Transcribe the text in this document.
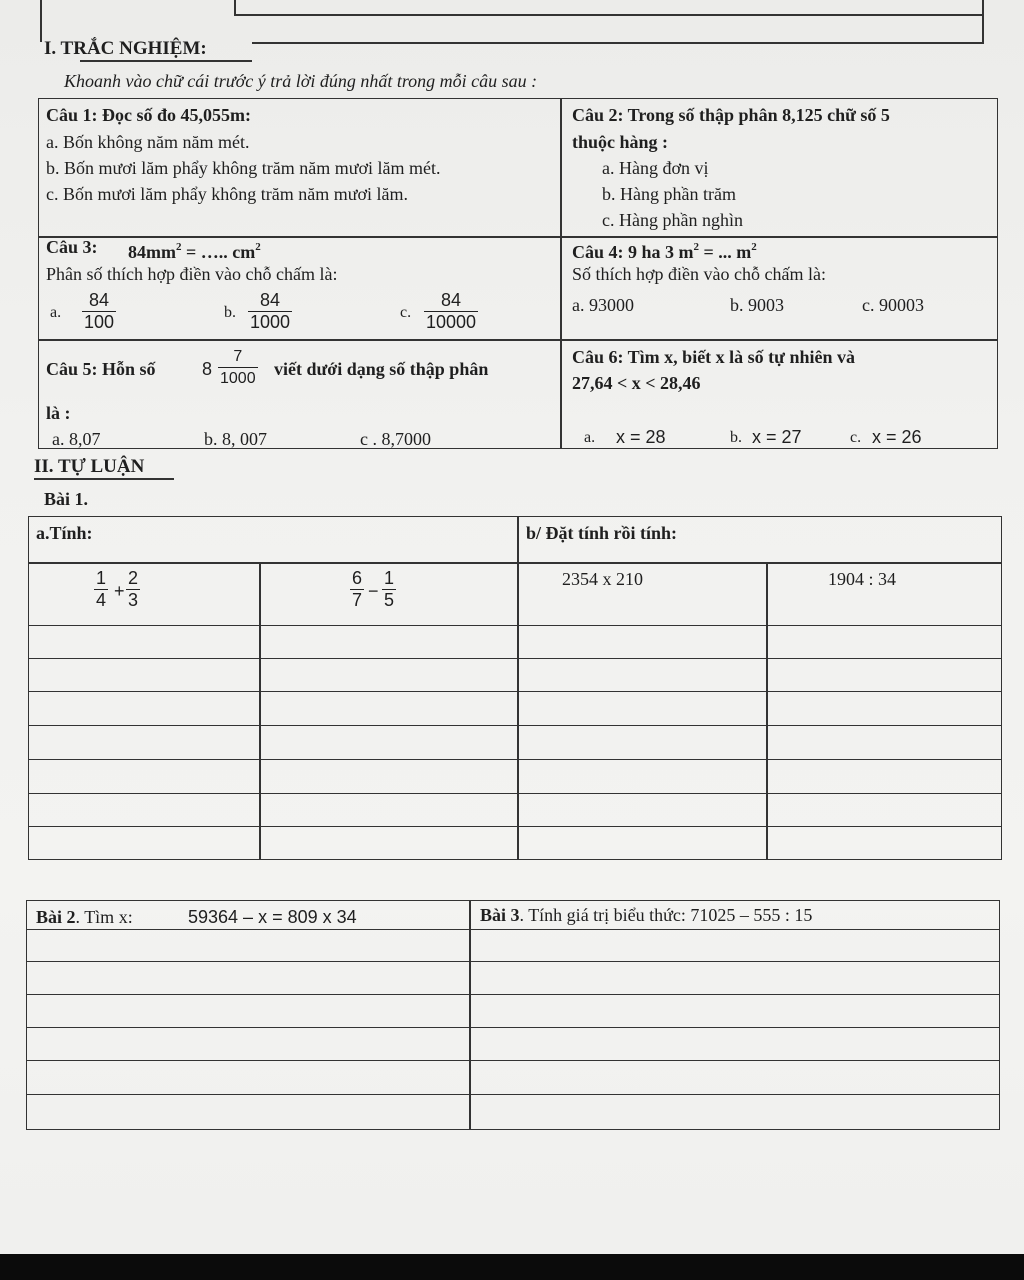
I. TRẮC NGHIỆM:
Khoanh vào chữ cái trước ý trả lời đúng nhất trong mỗi câu sau :
Câu 1: Đọc số đo 45,055m:
a. Bốn không năm năm mét.
b. Bốn mươi lăm phẩy không trăm năm mươi lăm mét.
c. Bốn mươi lăm phẩy không trăm năm mươi lăm.
Câu 2: Trong số thập phân 8,125 chữ số 5
thuộc hàng :
a. Hàng đơn vị
b. Hàng phần trăm
c. Hàng phần nghìn
Câu 3: $84mm^2$ = ….. $cm^2$
Phân số thích hợp điền vào chỗ chấm là:
a. $\frac{84}{100}$	b. $\frac{84}{1000}$	c. $\frac{84}{10000}$
Câu 4: 9 ha 3 $m^2$ = ... $m^2$
Số thích hợp điền vào chỗ chấm là:
a. 93000	b. 9003	c. 90003
Câu 5: Hỗn số	$8 \frac{7}{1000}$ viết dưới dạng số thập phân
là :
a. 8,07	b. 8, 007	c . 8,7000
Câu 6: Tìm x, biết x là số tự nhiên và
27,64 < x < 28,46
a. x = 28	b. x = 27	c. x = 26
II. TỰ LUẬN
Bài 1.
a.Tính:	b/ Đặt tính rồi tính:
$\frac{1}{4} + \frac{2}{3}$	$\frac{6}{7} - \frac{1}{5}$	2354 x 210	1904 : 34
Bài 2. Tìm x:	59364 – x = 809 x 34	Bài 3. Tính giá trị biểu thức: 71025 – 555 : 15
